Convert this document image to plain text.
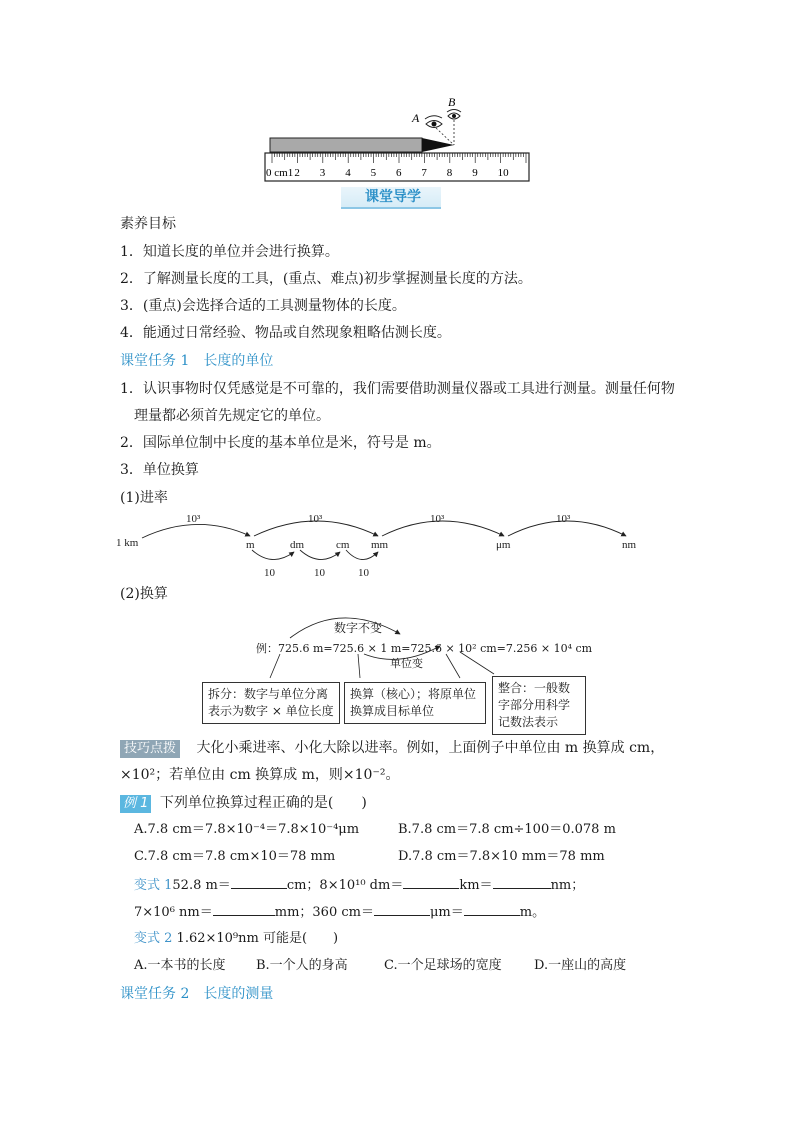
0 cm1 2 3 4 5 6 7 8 9 10
A
B
课堂导学
素养目标
1．知道长度的单位并会进行换算。
2．了解测量长度的工具，(重点、难点)初步掌握测量长度的方法。
3．(重点)会选择合适的工具测量物体的长度。
4．能通过日常经验、物品或自然现象粗略估测长度。
课堂任务 1　长度的单位
1．认识事物时仅凭感觉是不可靠的，我们需要借助测量仪器或工具进行测量。测量任何物
理量都必须首先规定它的单位。
2．国际单位制中长度的基本单位是米，符号是 m。
3．单位换算
(1)进率
1 km	m	dm	cm mm	μm	nm
10³	10³	10³	10³
10	10	10
(2)换算
数字不变
例：725.6 m=725.6 × 1 m=725.6 × 10² cm=7.256 × 10⁴ cm
单位变
拆分：数字与单位分离表示为数字 × 单位长度
换算（核心）；将原单位换算成目标单位
整合：一般数字部分用科学记数法表示
技巧点拨 大化小乘进率、小化大除以进率。例如，上面例子中单位由 m 换算成 cm，
×10²；若单位由 cm 换算成 m，则×10⁻²。
例 1 下列单位换算过程正确的是(　　)
A.7.8 cm＝7.8×10⁻⁴＝7.8×10⁻⁴μm	B.7.8 cm＝7.8 cm÷100＝0.078 m
C.7.8 cm＝7.8 cm×10＝78 mm	D.7.8 cm＝7.8×10 mm＝78 mm
变式 152.8 m＝	cm；8×10¹⁰ dm＝	km＝	nm；
7×10⁶ nm＝	mm；360 cm＝	μm＝	m。
变式 2 1.62×10⁹nm 可能是(　　)
A.一本书的长度 B.一个人的身高	C.一个足球场的宽度 D.一座山的高度
课堂任务 2　长度的测量
